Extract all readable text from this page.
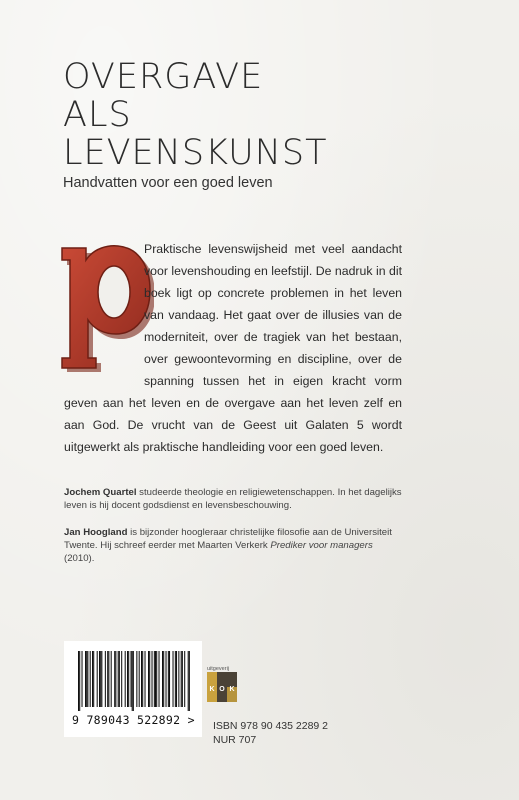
OVERGAVE
ALS
LEVENSKUNST
Handvatten voor een goed leven
p	Praktische levenswijsheid met veel aandacht voor levenshouding en leefstijl. De nadruk in dit boek ligt op concrete problemen in het leven van vandaag. Het gaat over de illusies van de moderniteit, over de tragiek van het bestaan, over gewoontevorming en discipline, over de spanning tussen het in eigen kracht vorm geven aan het leven en de overgave aan het leven zelf en aan God. De vrucht van de Geest uit Galaten 5 wordt uitgewerkt als praktische handleiding voor een goed leven.

Jochem Quartel studeerde theologie en religiewetenschappen. In het dagelijks leven is hij docent godsdienst en levensbeschouwing.
Jan Hoogland is bijzonder hoogleraar christelijke filosofie aan de Universiteit Twente. Hij schreef eerder met Maarten Verkerk Prediker voor managers (2010).
9 789043 522892 >
uitgeverij
K O K
ISBN 978 90 435 2289 2
NUR 707
